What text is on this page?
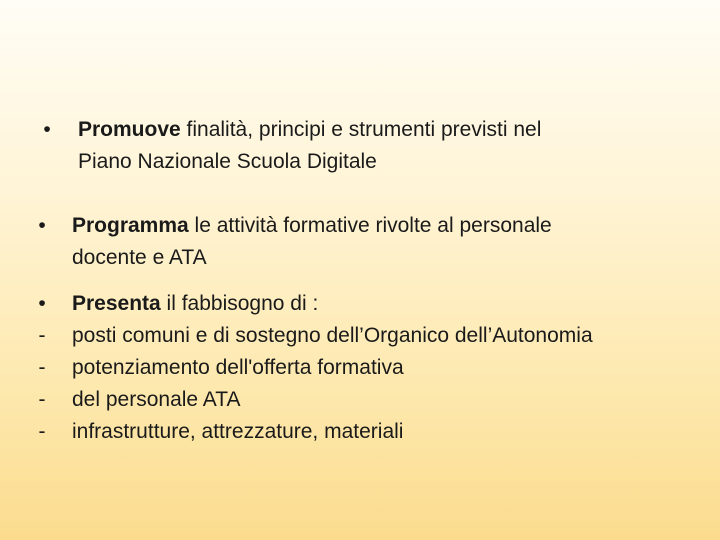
• Promuove finalità, principi e strumenti previsti nel
Piano Nazionale Scuola Digitale
• Programma le attività formative rivolte al personale
docente e ATA
• Presenta il fabbisogno di :
- posti comuni e di sostegno dell’Organico dell’Autonomia
- potenziamento dell'offerta formativa
- del personale ATA
- infrastrutture, attrezzature, materiali
